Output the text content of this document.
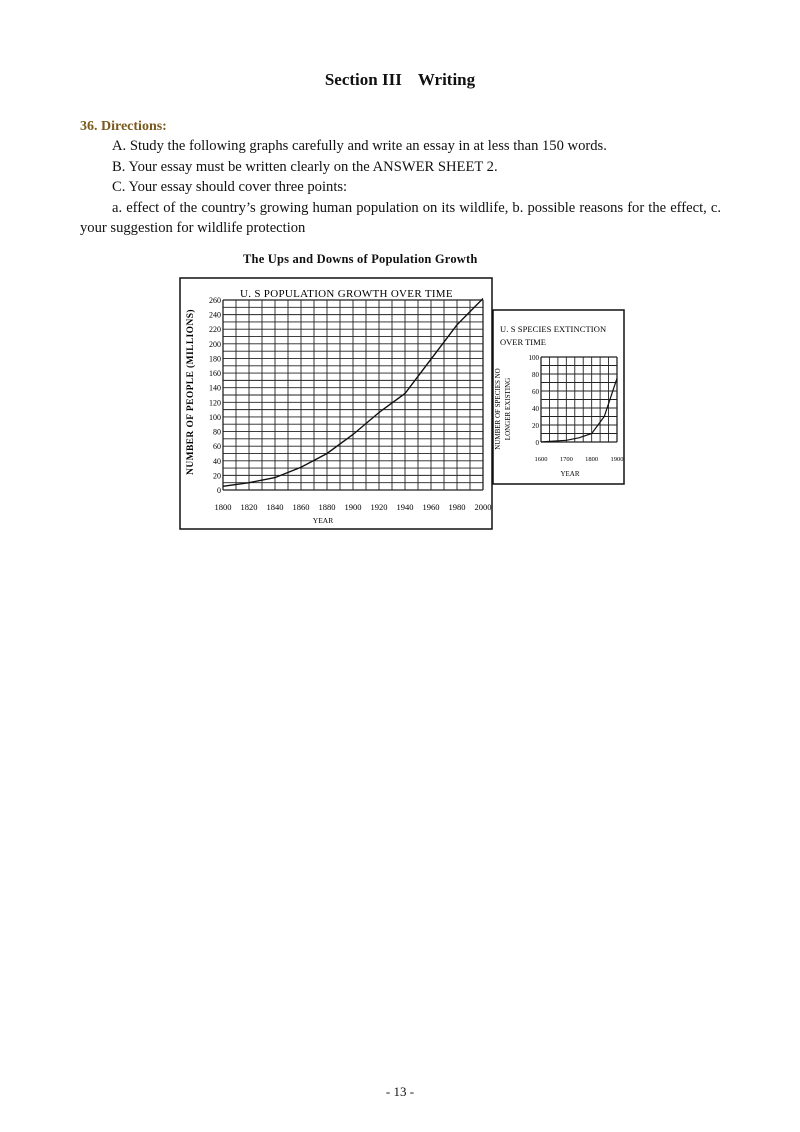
Section III Writing
36. Directions:

A. Study the following graphs carefully and write an essay in at less than 150 words.

B. Your essay must be written clearly on the ANSWER SHEET 2.

C. Your essay should cover three points:

a. effect of the country’s growing human population on its wildlife, b. possible reasons for the effect, c. your suggestion for wildlife protection

The Ups and Downs of Population Growth
U. S POPULATION GROWTH OVER TIME
NUMBER OF PEOPLE (MILLIONS)
0
20
40
60
80
100
120
140
160
180
200
220
240
260
1800 1820 1840 1860 1880 1900 1920 1940 1960 1980 2000
YEAR
U. S SPECIES EXTINCTION
OVER TIME
NUMBER OF SPECIES NO LONGER EXISTING
0
20
40
60
80
100
1600 1700 1800 1900
YEAR
- 13 -
